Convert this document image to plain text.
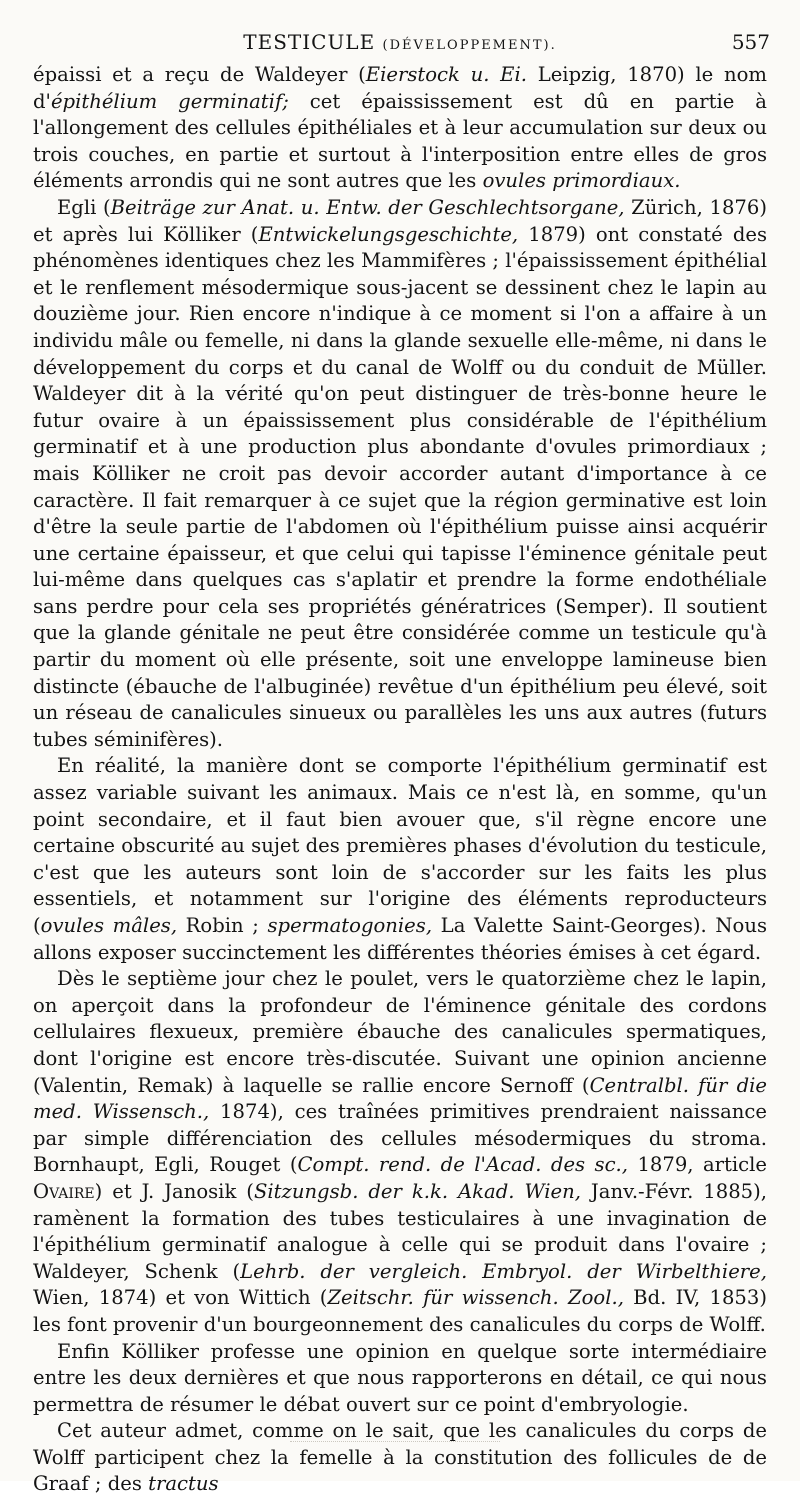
TESTICULE (DÉVELOPPEMENT).	557

épaissi et a reçu de Waldeyer (Eierstock u. Ei. Leipzig, 1870) le nom d'épithélium germinatif; cet épaississement est dû en partie à l'allongement des cellules épithéliales et à leur accumulation sur deux ou trois couches, en partie et surtout à l'interposition entre elles de gros éléments arrondis qui ne sont autres que les ovules primordiaux.

Egli (Beiträge zur Anat. u. Entw. der Geschlechtsorgane, Zürich, 1876) et après lui Kölliker (Entwickelungsgeschichte, 1879) ont constaté des phénomènes identiques chez les Mammifères ; l'épaississement épithélial et le renflement mésodermique sous-jacent se dessinent chez le lapin au douzième jour. Rien encore n'indique à ce moment si l'on a affaire à un individu mâle ou femelle, ni dans la glande sexuelle elle-même, ni dans le développement du corps et du canal de Wolff ou du conduit de Müller. Waldeyer dit à la vérité qu'on peut distinguer de très-bonne heure le futur ovaire à un épaississement plus considérable de l'épithélium germinatif et à une production plus abondante d'ovules primordiaux ; mais Kölliker ne croit pas devoir accorder autant d'importance à ce caractère. Il fait remarquer à ce sujet que la région germinative est loin d'être la seule partie de l'abdomen où l'épithélium puisse ainsi acquérir une certaine épaisseur, et que celui qui tapisse l'éminence génitale peut lui-même dans quelques cas s'aplatir et prendre la forme endothéliale sans perdre pour cela ses propriétés génératrices (Semper). Il soutient que la glande génitale ne peut être considérée comme un testicule qu'à partir du moment où elle présente, soit une enveloppe lamineuse bien distincte (ébauche de l'albuginée) revêtue d'un épithélium peu élevé, soit un réseau de canalicules sinueux ou parallèles les uns aux autres (futurs tubes séminifères).

En réalité, la manière dont se comporte l'épithélium germinatif est assez variable suivant les animaux. Mais ce n'est là, en somme, qu'un point secondaire, et il faut bien avouer que, s'il règne encore une certaine obscurité au sujet des premières phases d'évolution du testicule, c'est que les auteurs sont loin de s'accorder sur les faits les plus essentiels, et notamment sur l'origine des éléments reproducteurs (ovules mâles, Robin ; spermatogonies, La Valette Saint-Georges). Nous allons exposer succinctement les différentes théories émises à cet égard.

Dès le septième jour chez le poulet, vers le quatorzième chez le lapin, on aperçoit dans la profondeur de l'éminence génitale des cordons cellulaires flexueux, première ébauche des canalicules spermatiques, dont l'origine est encore très-discutée. Suivant une opinion ancienne (Valentin, Remak) à laquelle se rallie encore Sernoff (Centralbl. für die med. Wissensch., 1874), ces traînées primitives prendraient naissance par simple différenciation des cellules mésodermiques du stroma. Bornhaupt, Egli, Rouget (Compt. rend. de l'Acad. des sc., 1879, article Ovaire) et J. Janosik (Sitzungsb. der k.k. Akad. Wien, Janv.-Févr. 1885), ramènent la formation des tubes testiculaires à une invagination de l'épithélium germinatif analogue à celle qui se produit dans l'ovaire ; Waldeyer, Schenk (Lehrb. der vergleich. Embryol. der Wirbelthiere, Wien, 1874) et von Wittich (Zeitschr. für wissench. Zool., Bd. IV, 1853) les font provenir d'un bourgeonnement des canalicules du corps de Wolff.

Enfin Kölliker professe une opinion en quelque sorte intermédiaire entre les deux dernières et que nous rapporterons en détail, ce qui nous permettra de résumer le débat ouvert sur ce point d'embryologie.

Cet auteur admet, comme on le sait, que les canalicules du corps de Wolff participent chez la femelle à la constitution des follicules de de Graaf ; des tractus
